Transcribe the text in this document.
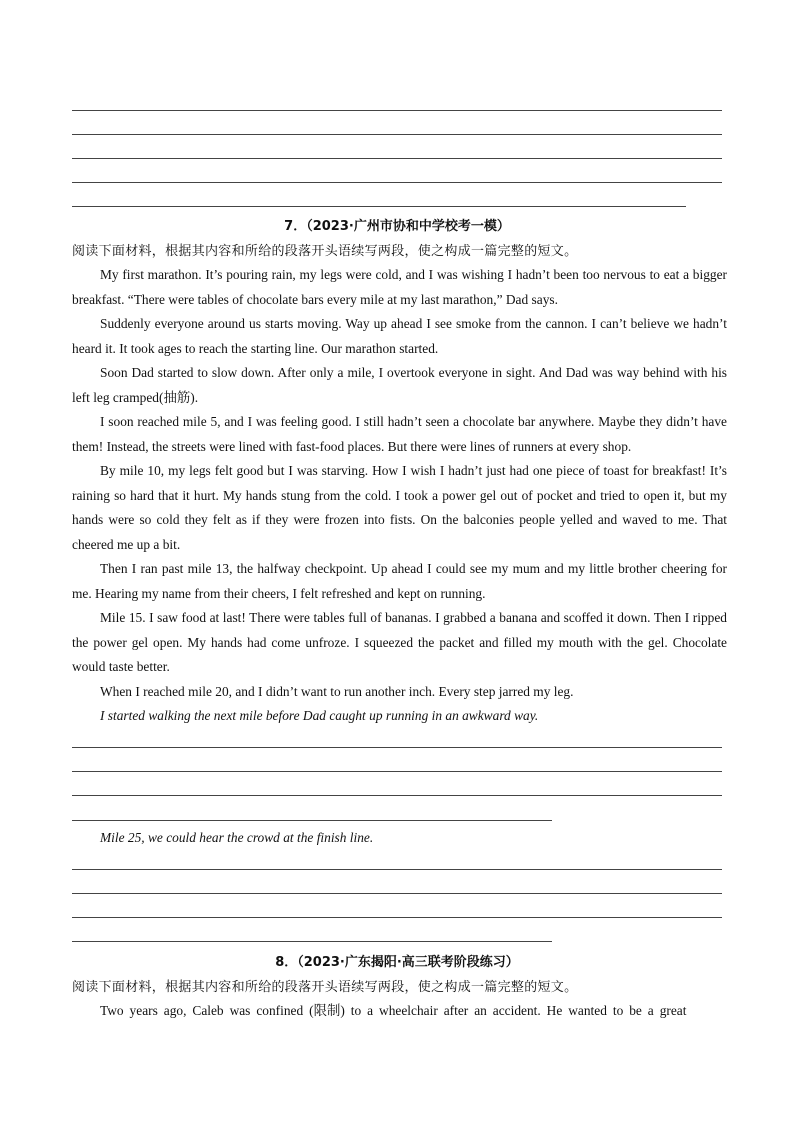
7．（2023·广州市协和中学校考一模）
阅读下面材料，根据其内容和所给的段落开头语续写两段，使之构成一篇完整的短文。

My first marathon. It’s pouring rain, my legs were cold, and I was wishing I hadn’t been too nervous to eat a bigger breakfast. “There were tables of chocolate bars every mile at my last marathon,” Dad says.

Suddenly everyone around us starts moving. Way up ahead I see smoke from the cannon. I can’t believe we hadn’t heard it. It took ages to reach the starting line. Our marathon started.

Soon Dad started to slow down. After only a mile, I overtook everyone in sight. And Dad was way behind with his left leg cramped(抽筋).

I soon reached mile 5, and I was feeling good. I still hadn’t seen a chocolate bar anywhere. Maybe they didn’t have them! Instead, the streets were lined with fast-food places. But there were lines of runners at every shop.

By mile 10, my legs felt good but I was starving. How I wish I hadn’t just had one piece of toast for breakfast! It’s raining so hard that it hurt. My hands stung from the cold. I took a power gel out of pocket and tried to open it, but my hands were so cold they felt as if they were frozen into fists. On the balconies people yelled and waved to me. That cheered me up a bit.

Then I ran past mile 13, the halfway checkpoint. Up ahead I could see my mum and my little brother cheering for me. Hearing my name from their cheers, I felt refreshed and kept on running.

Mile 15. I saw food at last! There were tables full of bananas. I grabbed a banana and scoffed it down. Then I ripped the power gel open. My hands had come unfroze. I squeezed the packet and filled my mouth with the gel. Chocolate would taste better.

When I reached mile 20, and I didn’t want to run another inch. Every step jarred my leg.

I started walking the next mile before Dad caught up running in an awkward way.

Mile 25, we could hear the crowd at the finish line.

8．（2023·广东揭阳·高三联考阶段练习）
阅读下面材料，根据其内容和所给的段落开头语续写两段，使之构成一篇完整的短文。

Two years ago, Caleb was confined (限制) to a wheelchair after an accident. He wanted to be a great
